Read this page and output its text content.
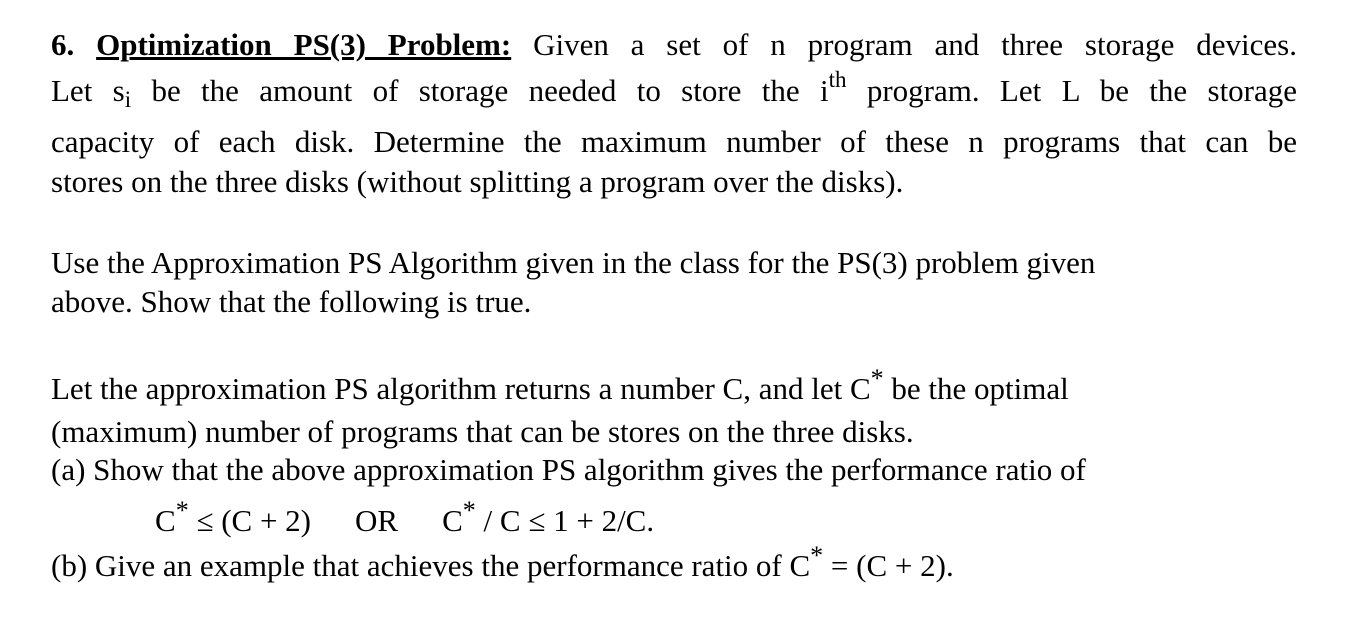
6. Optimization PS(3) Problem: Given a set of n program and three storage devices.
Let $s_i$ be the amount of storage needed to store the $i^{th}$ program. Let L be the storage
capacity of each disk. Determine the maximum number of these n programs that can be
stores on the three disks (without splitting a program over the disks).
Use the Approximation PS Algorithm given in the class for the PS(3) problem given
above. Show that the following is true.
Let the approximation PS algorithm returns a number C, and let C* be the optimal
(maximum) number of programs that can be stores on the three disks.
(a) Show that the above approximation PS algorithm gives the performance ratio of
C* ≤ (C + 2) OR C* / C ≤ 1 + 2/C.
(b) Give an example that achieves the performance ratio of C* = (C + 2).
